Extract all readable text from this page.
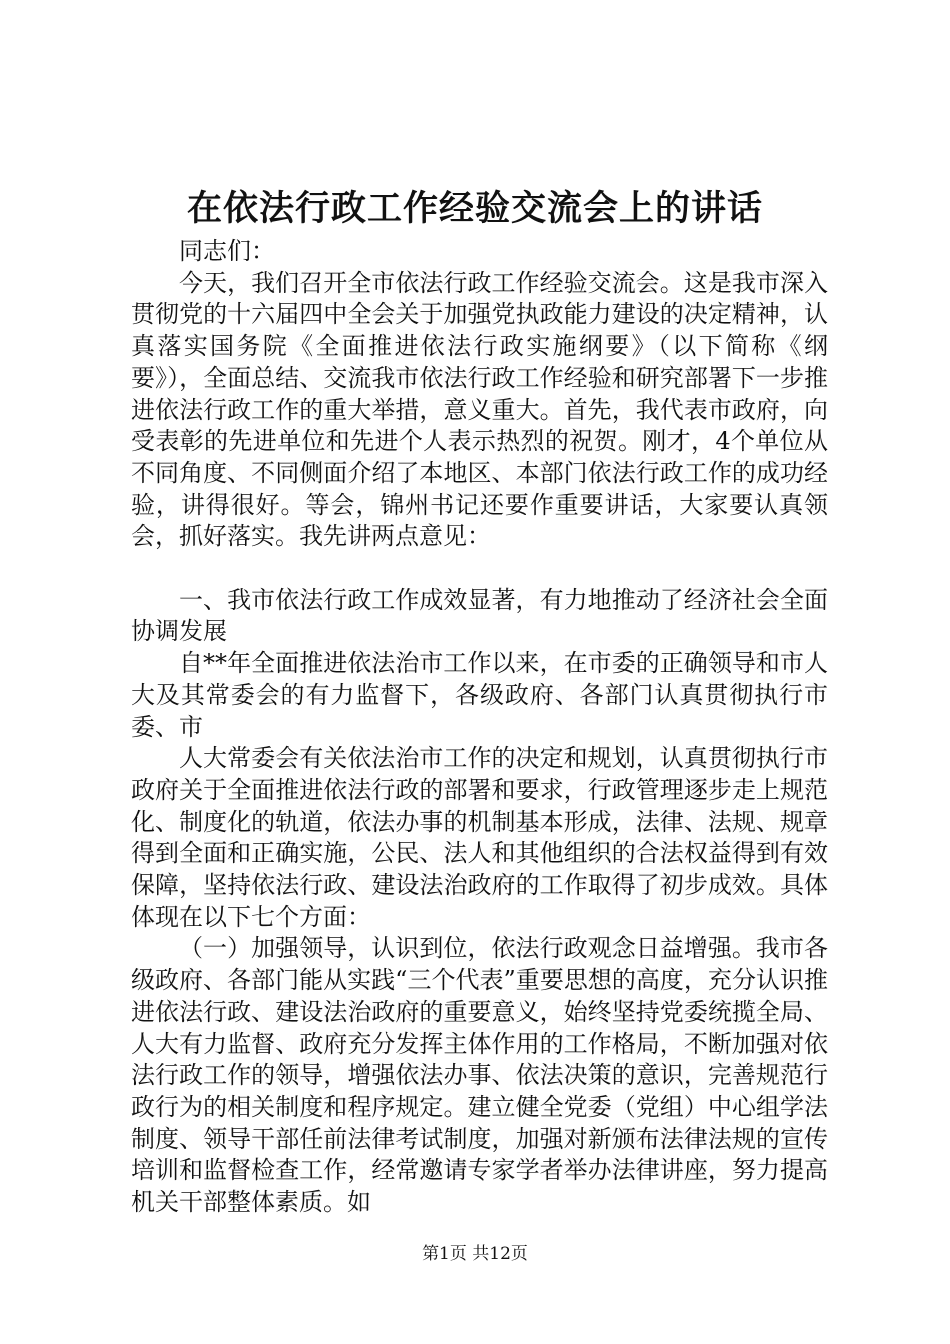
在依法行政工作经验交流会上的讲话

同志们：

今天，我们召开全市依法行政工作经验交流会。这是我市深入贯彻党的十六届四中全会关于加强党执政能力建设的决定精神，认真落实国务院《全面推进依法行政实施纲要》（以下简称《纲要》），全面总结、交流我市依法行政工作经验和研究部署下一步推进依法行政工作的重大举措，意义重大。首先，我代表市政府，向受表彰的先进单位和先进个人表示热烈的祝贺。刚才，4个单位从不同角度、不同侧面介绍了本地区、本部门依法行政工作的成功经验，讲得很好。等会，锦州书记还要作重要讲话，大家要认真领会，抓好落实。我先讲两点意见：

一、我市依法行政工作成效显著，有力地推动了经济社会全面协调发展

自**年全面推进依法治市工作以来，在市委的正确领导和市人大及其常委会的有力监督下，各级政府、各部门认真贯彻执行市委、市

人大常委会有关依法治市工作的决定和规划，认真贯彻执行市政府关于全面推进依法行政的部署和要求，行政管理逐步走上规范化、制度化的轨道，依法办事的机制基本形成，法律、法规、规章得到全面和正确实施，公民、法人和其他组织的合法权益得到有效保障，坚持依法行政、建设法治政府的工作取得了初步成效。具体体现在以下七个方面：

（一）加强领导，认识到位，依法行政观念日益增强。我市各级政府、各部门能从实践“三个代表”重要思想的高度，充分认识推进依法行政、建设法治政府的重要意义，始终坚持党委统揽全局、人大有力监督、政府充分发挥主体作用的工作格局，不断加强对依法行政工作的领导，增强依法办事、依法决策的意识，完善规范行政行为的相关制度和程序规定。建立健全党委（党组）中心组学法制度、领导干部任前法律考试制度，加强对新颁布法律法规的宣传培训和监督检查工作，经常邀请专家学者举办法律讲座，努力提高机关干部整体素质。如

第1页 共12页
